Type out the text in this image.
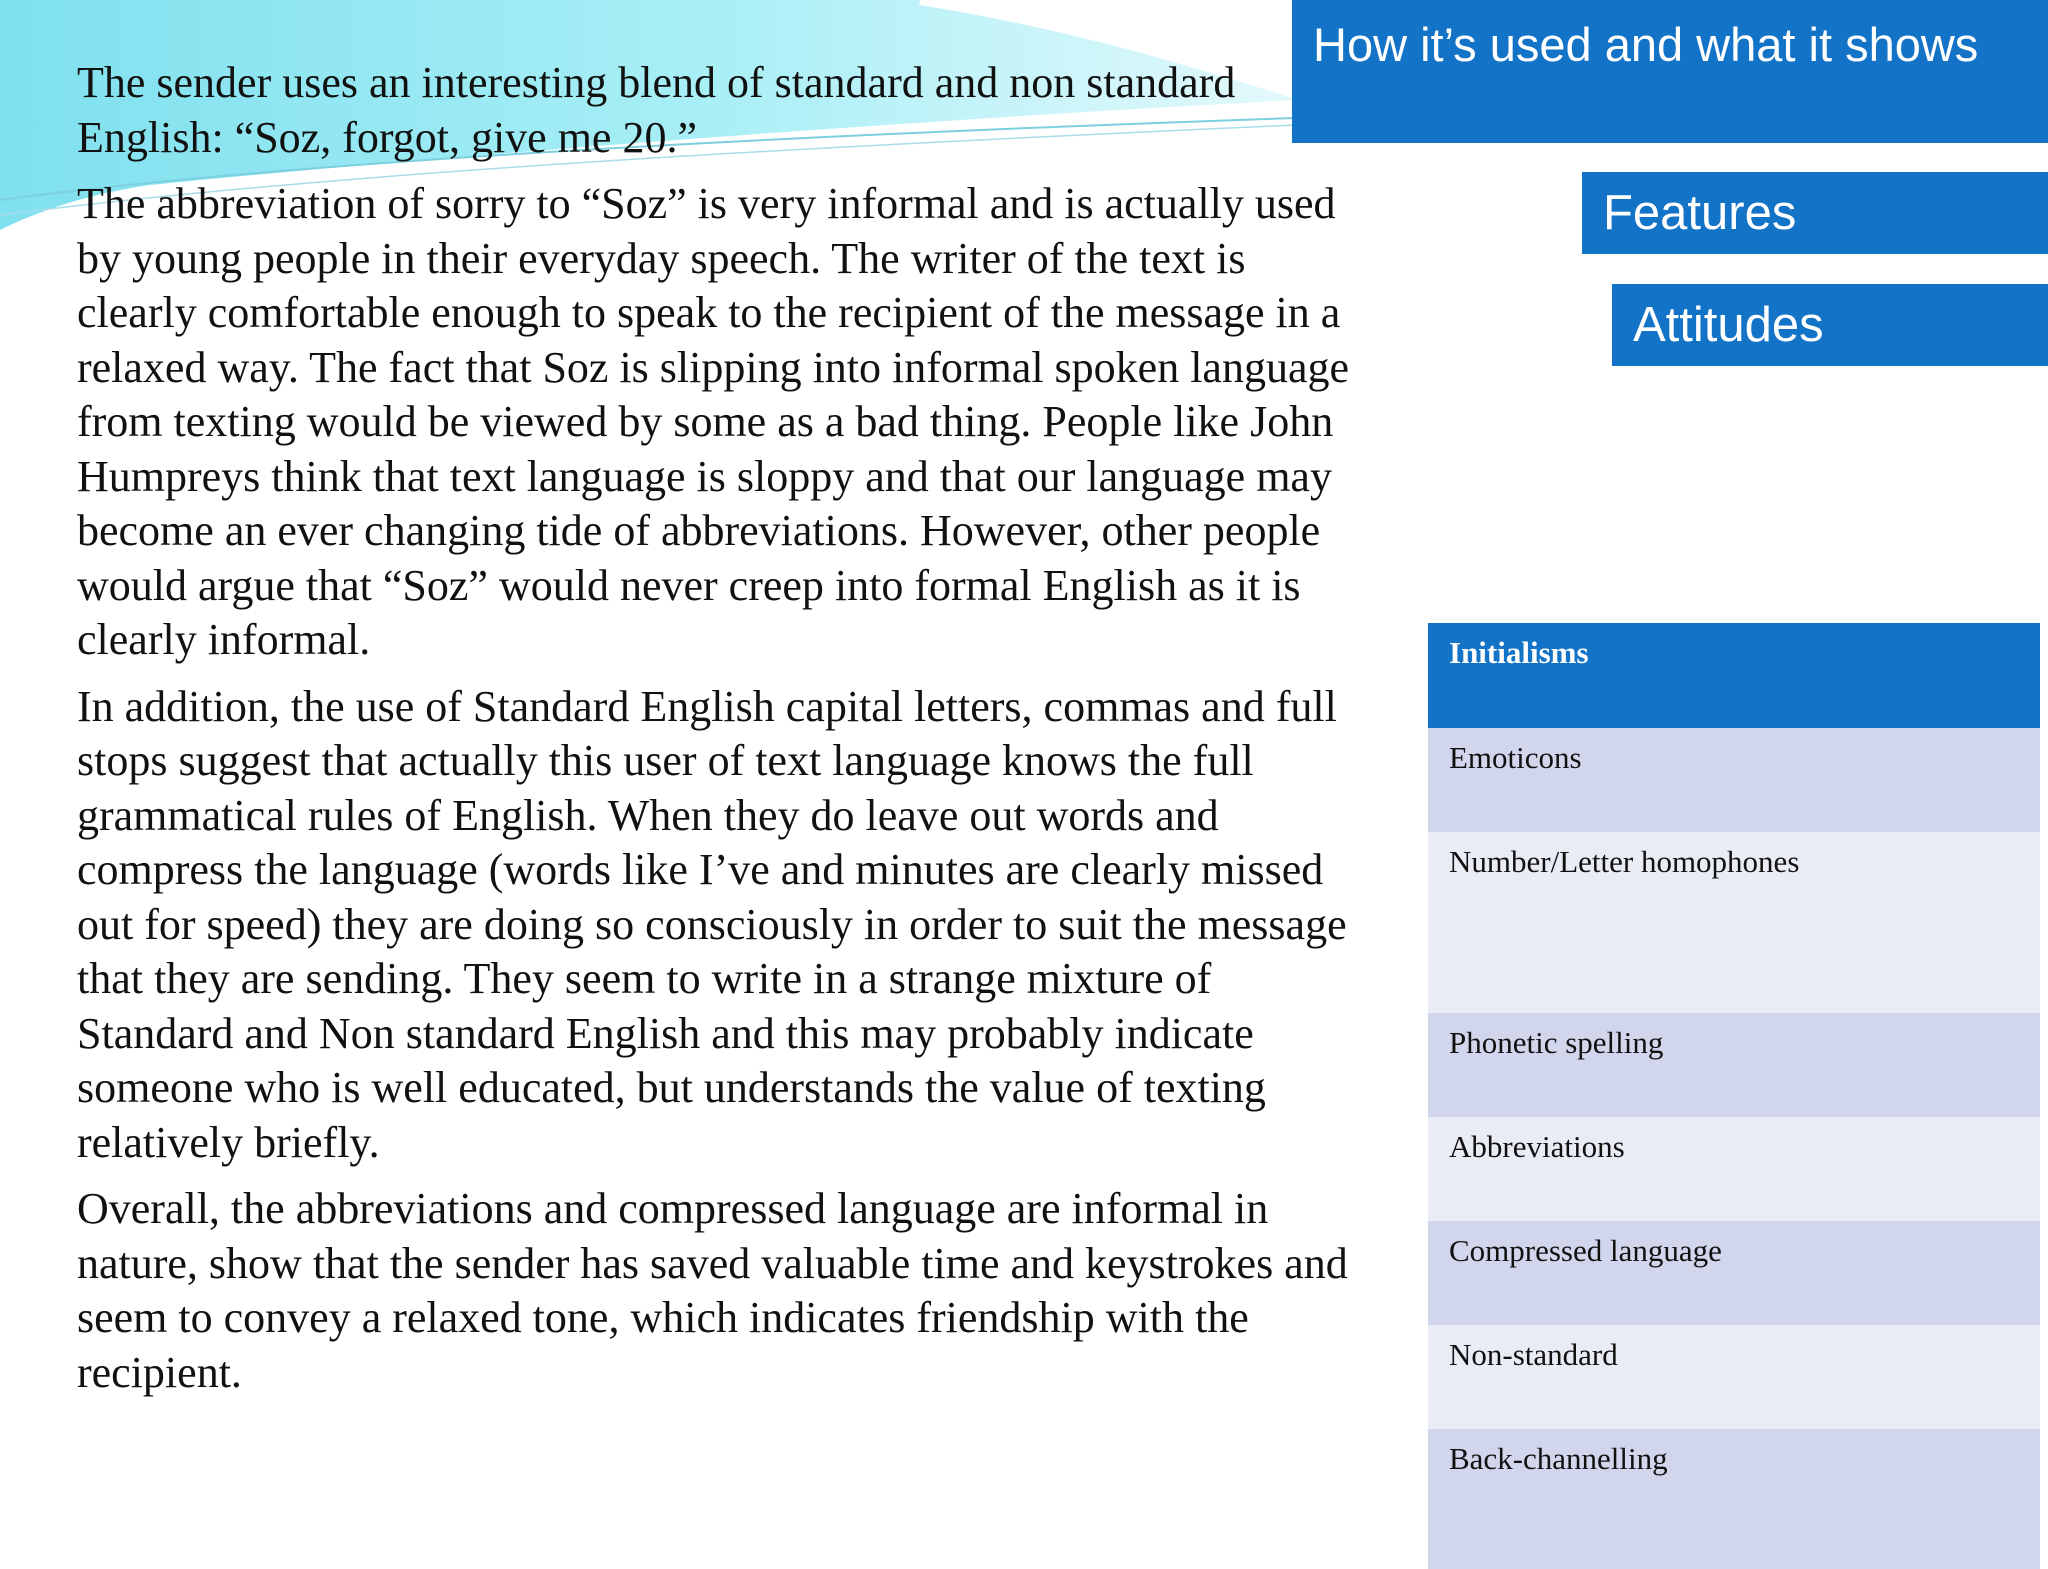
The sender uses an interesting blend of standard and non standard English: “Soz, forgot, give me 20.”

The abbreviation of sorry to “Soz” is very informal and is actually used by young people in their everyday speech. The writer of the text is clearly comfortable enough to speak to the recipient of the message in a relaxed way. The fact that Soz is slipping into informal spoken language from texting would be viewed by some as a bad thing. People like John Humpreys think that text language is sloppy and that our language may become an ever changing tide of abbreviations. However, other people would argue that “Soz” would never creep into formal English as it is clearly informal.

In addition, the use of Standard English capital letters, commas and full stops suggest that actually this user of text language knows the full grammatical rules of English. When they do leave out words and compress the language (words like I’ve and minutes are clearly missed out for speed) they are doing so consciously in order to suit the message that they are sending. They seem to write in a strange mixture of Standard and Non standard English and this may probably indicate someone who is well educated, but understands the value of texting relatively briefly.

Overall, the abbreviations and compressed language are informal in nature, show that the sender has saved valuable time and keystrokes and seem to convey a relaxed tone, which indicates friendship with the recipient.

How it’s used and what it shows
Features
Attitudes
Initialisms
Emoticons
Number/Letter homophones
Phonetic spelling
Abbreviations
Compressed language
Non-standard
Back-channelling
